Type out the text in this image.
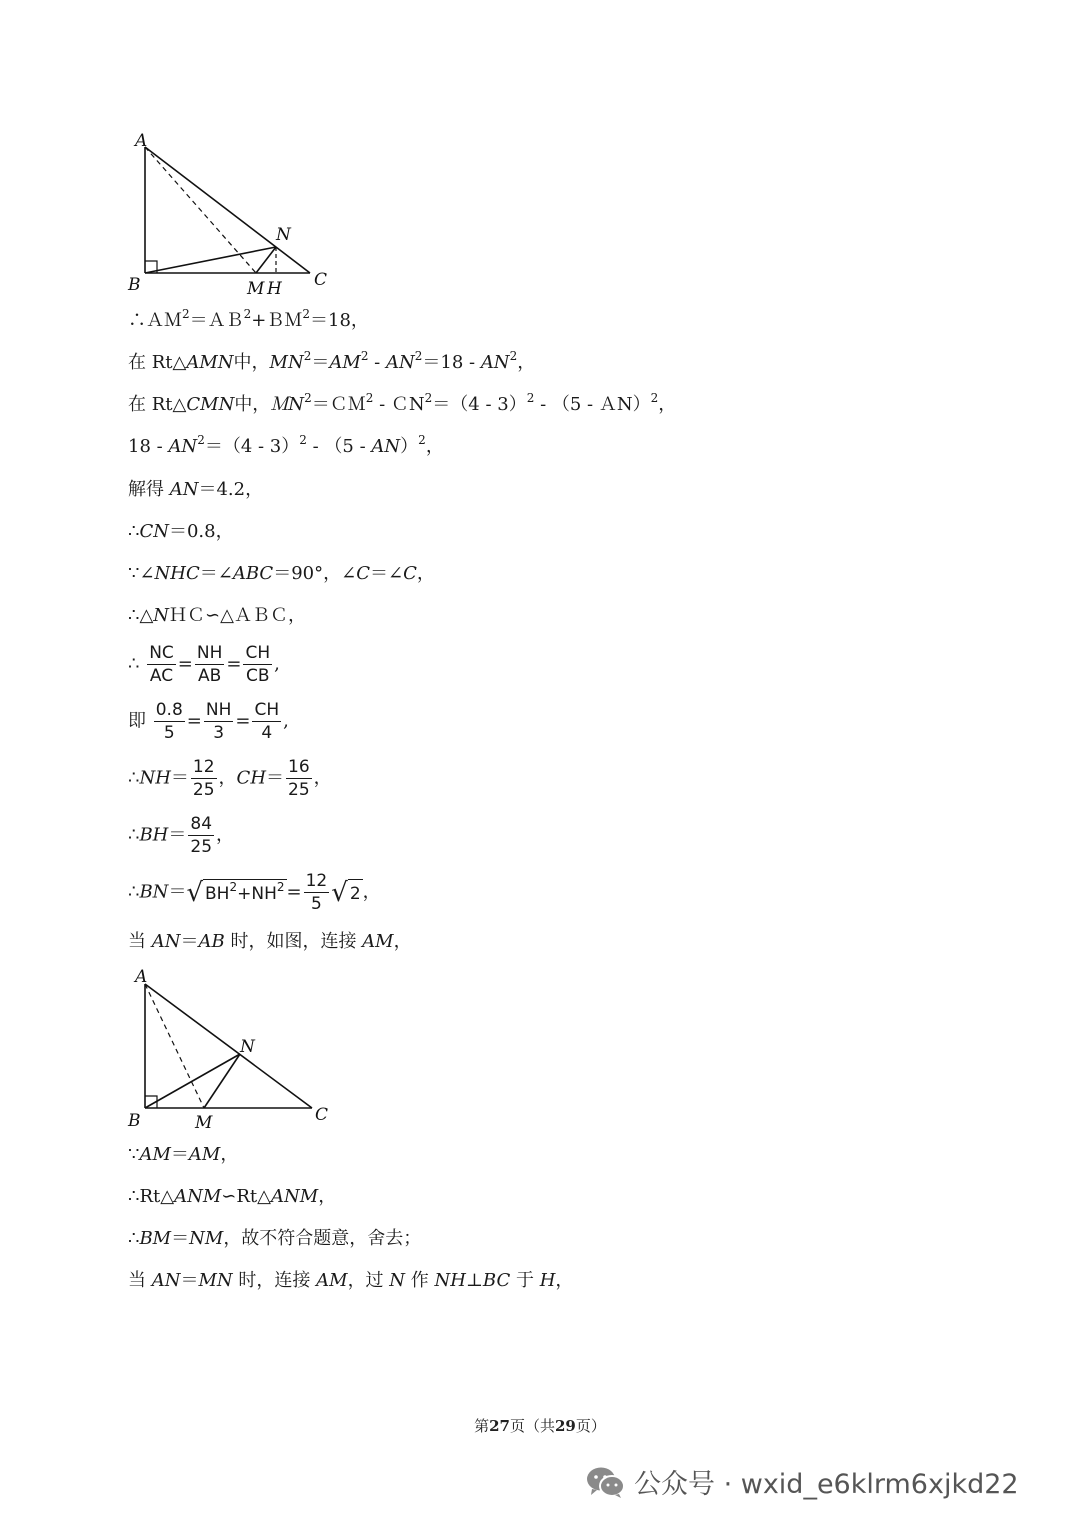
A
B	C
N
M H
∴ＡＭ$^2$＝ＡＢ$^2$+ＢＭ$^2$＝18，
在 Rt△AMN中，$MN^2=AM^2 - AN^2=18 - AN^2$，
在 Rt△CMN中，ＭN$^2$＝ＣＭ$^2$ - ＣN$^2$＝（4 - 3）$^2$ - （5 - ＡN）$^2$，
$18 - AN^2=(4 - 3)^2 - (5 - AN)^2$，
解得 AN＝4.2，
∴CN＝0.8，
∵∠NHC＝∠ABC＝90°，∠C＝∠C，
∴△NＨＣ∽△ＡＢＣ，
∴ $\frac{NC}{AC} = \frac{NH}{AB} = \frac{CH}{CB}$ ,
即 $\frac{0.8}{5} = \frac{NH}{3} = \frac{CH}{4}$ ,
∴NH＝ $\frac{12}{25}$ ，$CH= \frac{16}{25}$ ，
∴BH＝ $\frac{84}{25}$ ，
∴BN＝ √ $BH^2+NH^2 = \frac{12}{5}$ √ 2 ，
当 AN＝AB 时，如图，连接 AM，
A
B	C
N
M
∵AM＝AM，
∴Rt△ANM∽Rt△ANM，
∴BM＝NM，故不符合题意，舍去；
当 AN＝MN 时，连接 AM，过 N 作 NH⊥BC 于 H，
第27页（共29页）
公众号 · wxid_e6klrm6xjkd22
